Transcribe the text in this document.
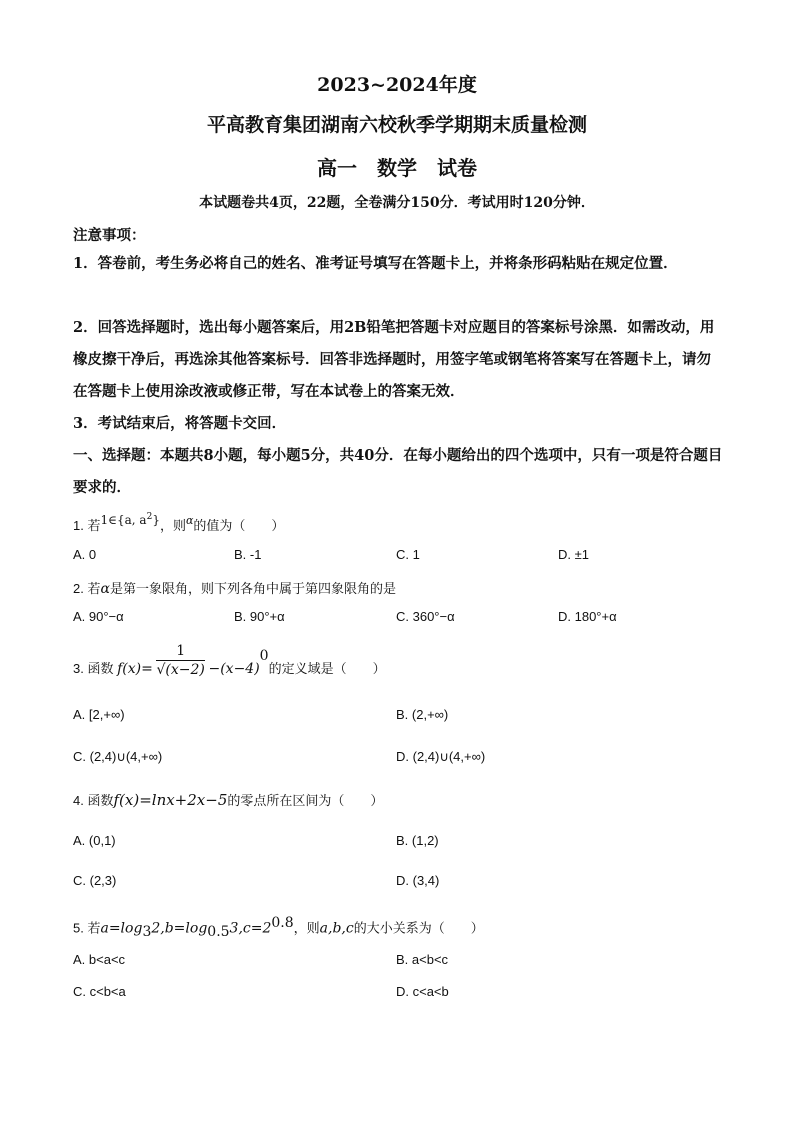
2023~2024年度
平高教育集团湖南六校秋季学期期末质量检测
高一　数学　试卷
本试题卷共4页，22题，全卷满分150分．考试用时120分钟．
注意事项：
1．答卷前，考生务必将自己的姓名、准考证号填写在答题卡上，并将条形码粘贴在规定位置．
2．回答选择题时，选出每小题答案后，用2B铅笔把答题卡对应题目的答案标号涂黑．如需改动，用橡皮擦干净后，再选涂其他答案标号．回答非选择题时，用签字笔或钢笔将答案写在答题卡上，请勿在答题卡上使用涂改液或修正带，写在本试卷上的答案无效．
3．考试结束后，将答题卡交回．
一、选择题：本题共8小题，每小题5分，共40分．在每小题给出的四个选项中，只有一项是符合题目要求的．
1. 若1∈{a, $a^2$}，则$^\alpha$的值为（　　）
A. 0	B. -1	C. 1	D. ±1
2. 若α是第一象限角，则下列各角中属于第四象限角的是
A. 90°−α	B. 90°+α	C. 360°−α	D. 180°+α
3. 函数 $f(x)= \frac{1}{√(x-2)} -(x-4)^0$的定义域是（　　）
A. [2,+∞)	B. (2,+∞)
C. (2,4)∪(4,+∞)	D. (2,4)∪(4,+∞)
4. 函数f(x)=lnx+2x−5的零点所在区间为（　　）
A. (0,1)	B. (1,2)
C. (2,3)	D. (3,4)
5. 若$a=\log_32,b=\log_{0.5}3,c=2^{0.8}$，则a,b,c的大小关系为（　　）
A. b<a<c	B. a<b<c
C. c<b<a	D. c<a<b
